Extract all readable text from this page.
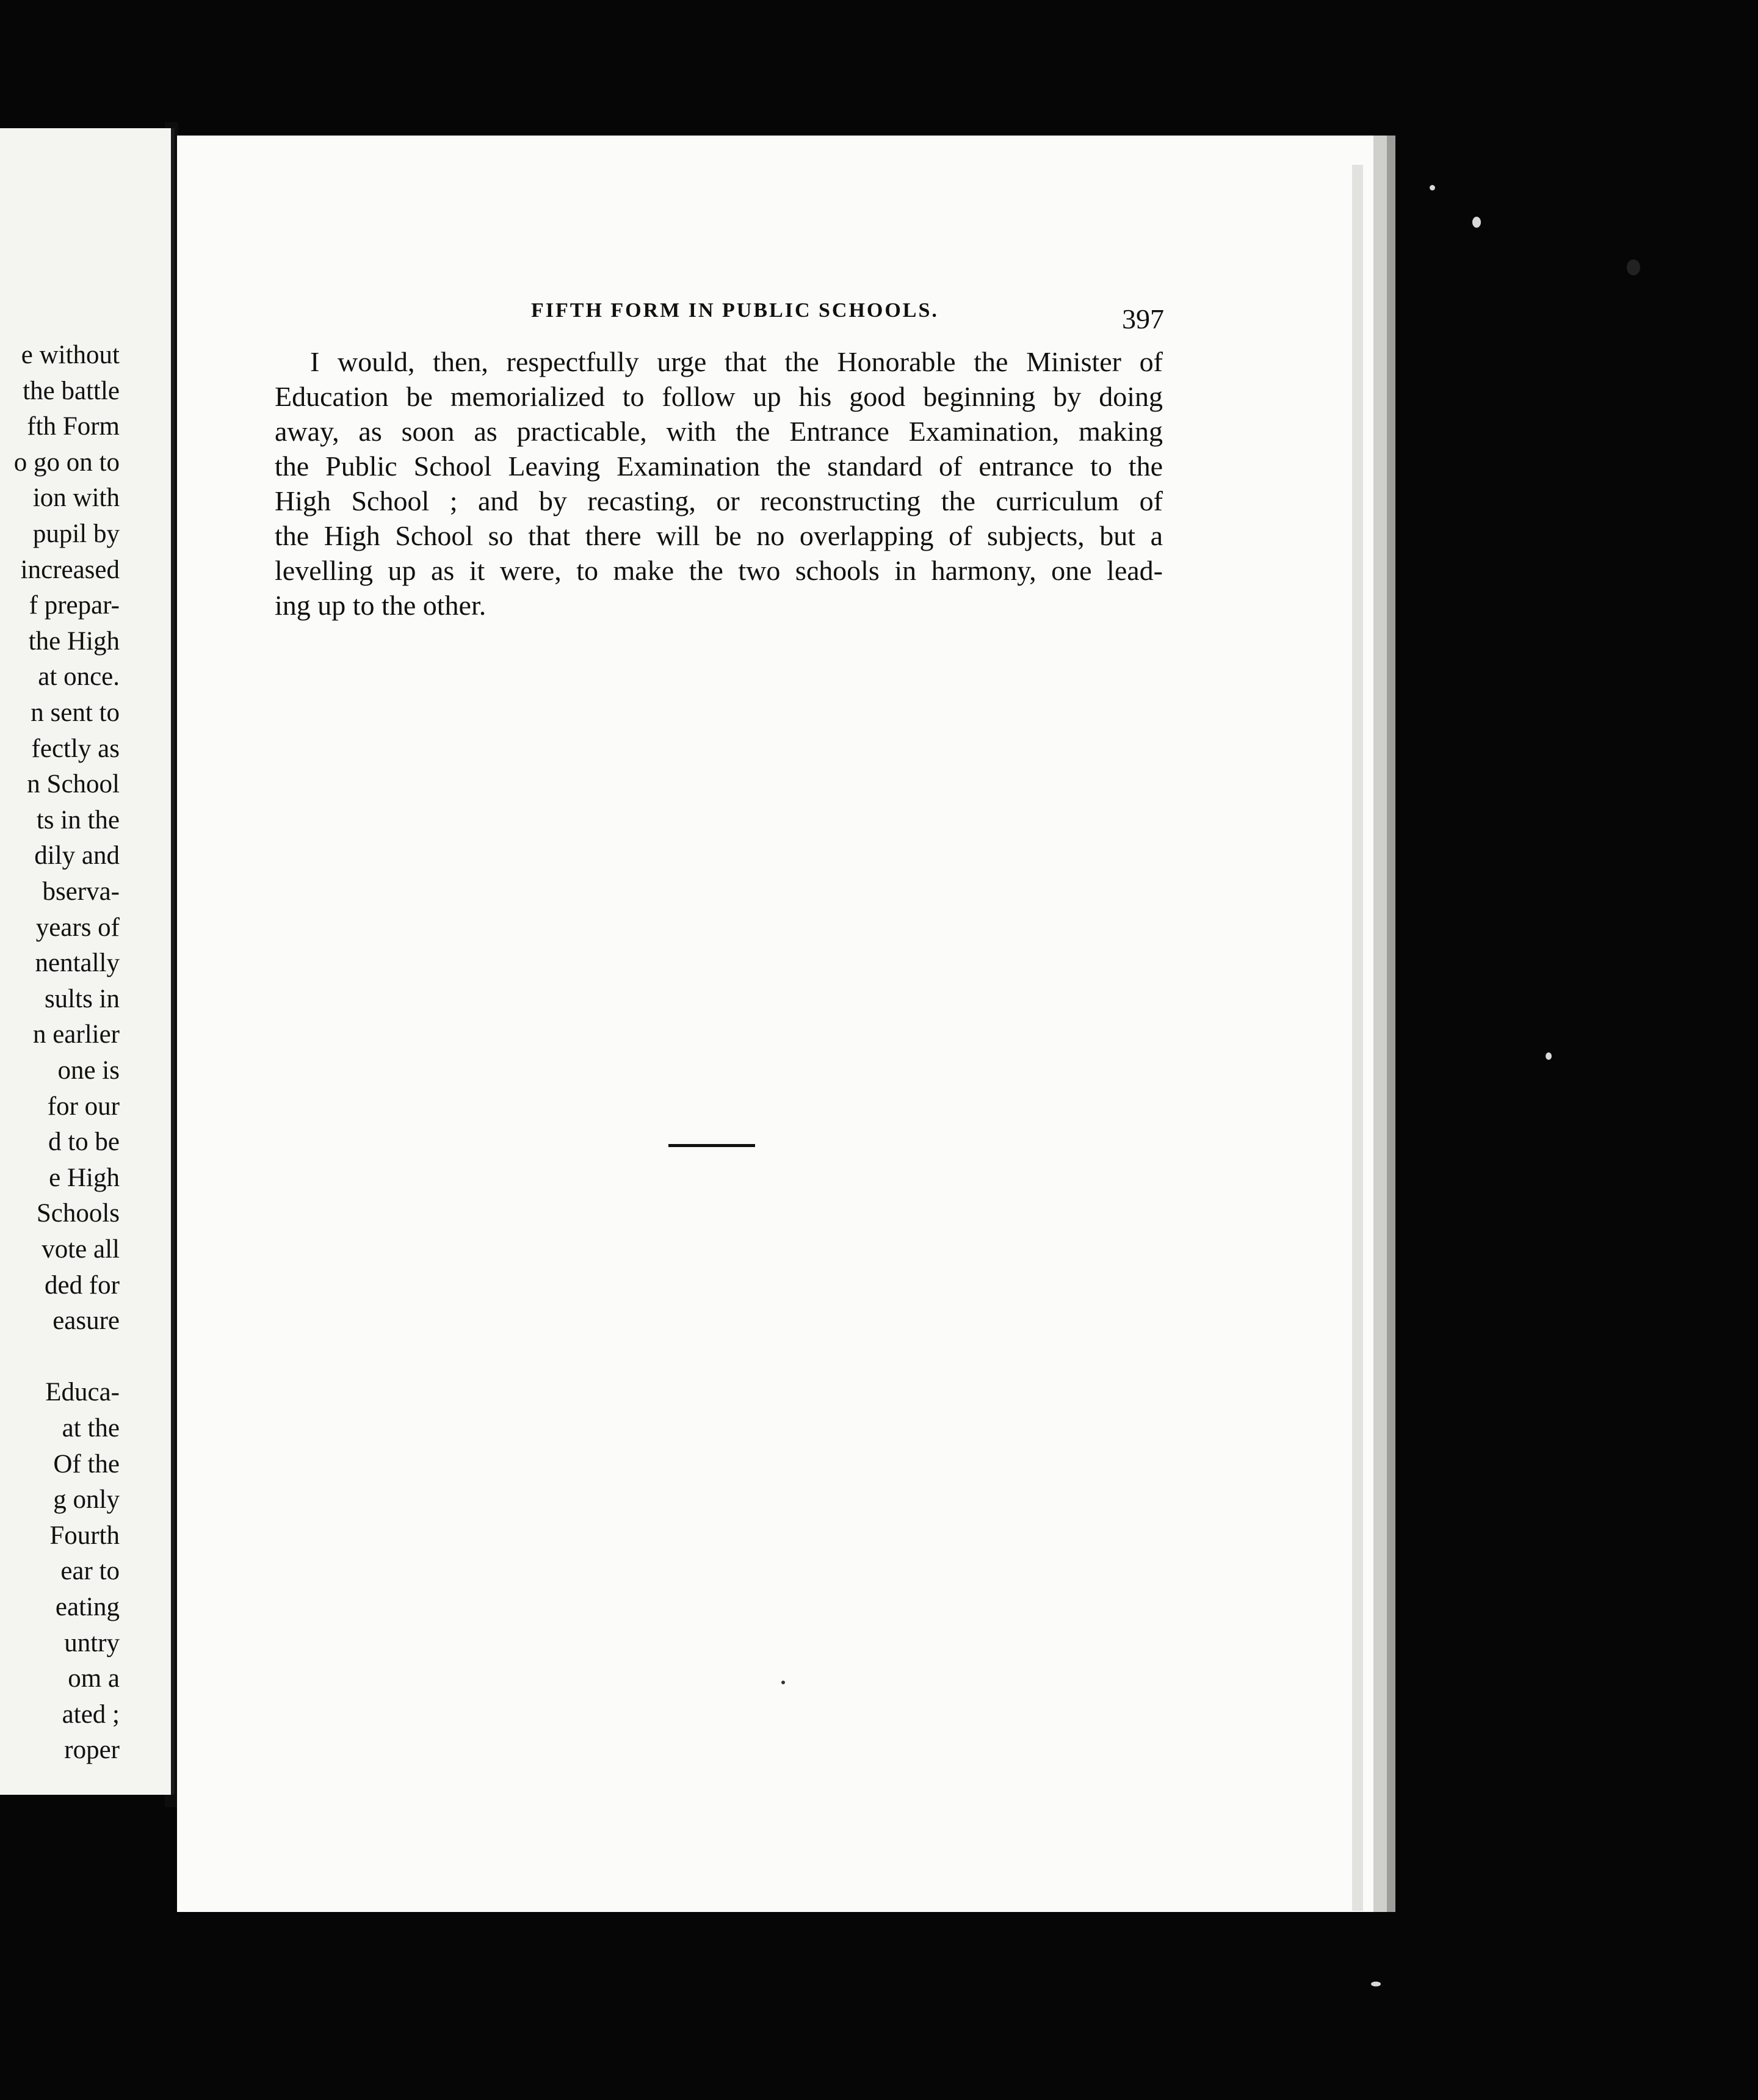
e without
the battle
fth Form
o go on to
ion with
pupil by
increased
f prepar-
the High
at once.
n sent to
fectly as
n School
ts in the
dily and
bserva-
years of
nentally
sults in
n earlier
one is
for our
d to be
e High
Schools
vote all
ded for
easure
Educa-
at the
Of the
g only
Fourth
ear to
eating
untry
om a
ated ;
roper
FIFTH FORM IN PUBLIC SCHOOLS.	397
I would, then, respectfully urge that the Honorable the Minister of
Education be memorialized to follow up his good beginning by doing
away, as soon as practicable, with the Entrance Examination, making
the Public School Leaving Examination the standard of entrance to the
High School ; and by recasting, or reconstructing the curriculum of
the High School so that there will be no overlapping of subjects, but a
levelling up as it were, to make the two schools in harmony, one lead-
ing up to the other.
